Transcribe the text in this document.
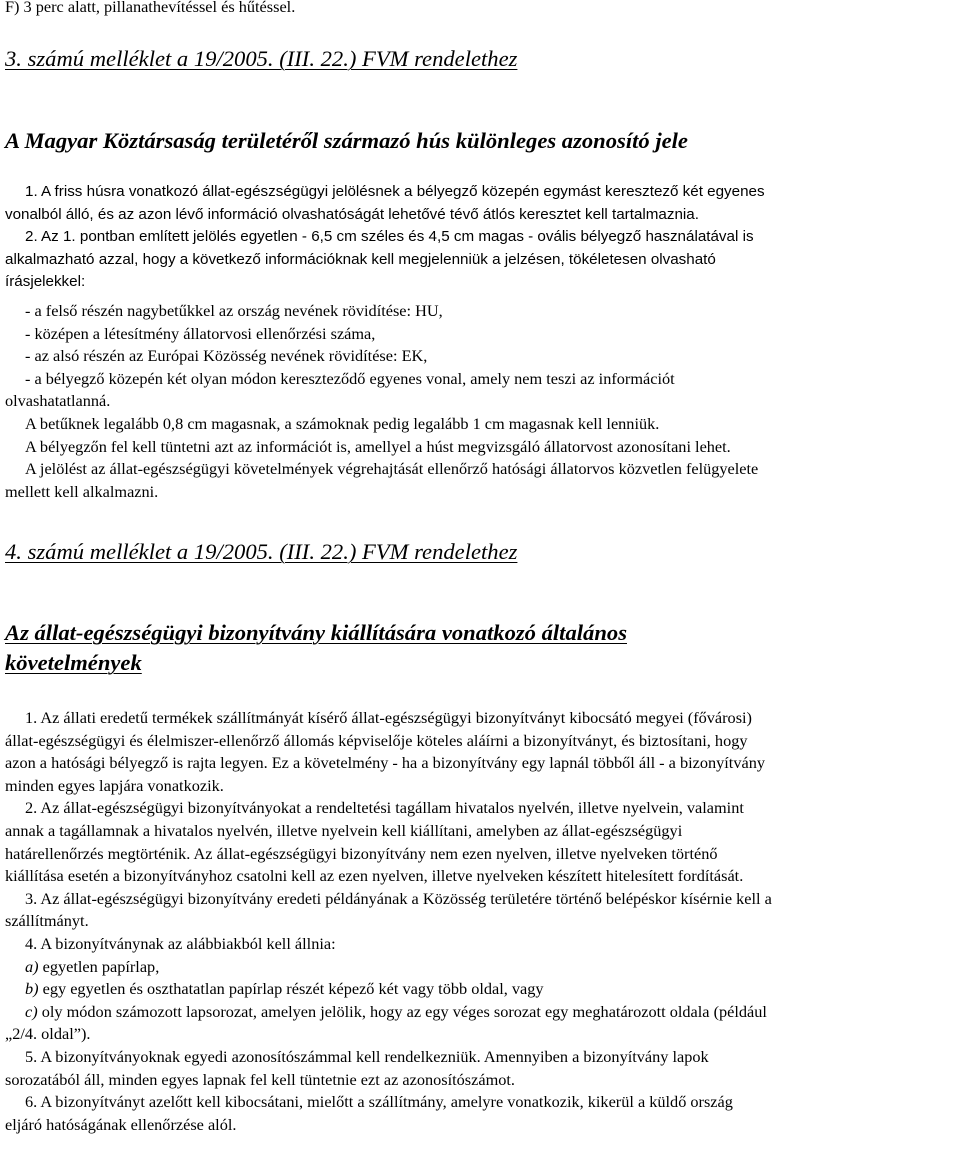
F) 3 perc alatt, pillanathevítéssel és hűtéssel.
3. számú melléklet a 19/2005. (III. 22.) FVM rendelethez
A Magyar Köztársaság területéről származó hús különleges azonosító jele
1. A friss húsra vonatkozó állat-egészségügyi jelölésnek a bélyegző közepén egymást keresztező két egyenes
vonalból álló, és az azon lévő információ olvashatóságát lehetővé tévő átlós keresztet kell tartalmaznia.
2. Az 1. pontban említett jelölés egyetlen - 6,5 cm széles és 4,5 cm magas - ovális bélyegző használatával is
alkalmazható azzal, hogy a következő információknak kell megjelenniük a jelzésen, tökéletesen olvasható
írásjelekkel:
- a felső részén nagybetűkkel az ország nevének rövidítése: HU,
- középen a létesítmény állatorvosi ellenőrzési száma,
- az alsó részén az Európai Közösség nevének rövidítése: EK,
- a bélyegző közepén két olyan módon kereszteződő egyenes vonal, amely nem teszi az információt
olvashatatlanná.
A betűknek legalább 0,8 cm magasnak, a számoknak pedig legalább 1 cm magasnak kell lenniük.
A bélyegzőn fel kell tüntetni azt az információt is, amellyel a húst megvizsgáló állatorvost azonosítani lehet.
A jelölést az állat-egészségügyi követelmények végrehajtását ellenőrző hatósági állatorvos közvetlen felügyelete
mellett kell alkalmazni.
4. számú melléklet a 19/2005. (III. 22.) FVM rendelethez
Az állat-egészségügyi bizonyítvány kiállítására vonatkozó általános
követelmények
1. Az állati eredetű termékek szállítmányát kísérő állat-egészségügyi bizonyítványt kibocsátó megyei (fővárosi)
állat-egészségügyi és élelmiszer-ellenőrző állomás képviselője köteles aláírni a bizonyítványt, és biztosítani, hogy
azon a hatósági bélyegző is rajta legyen. Ez a követelmény - ha a bizonyítvány egy lapnál többől áll - a bizonyítvány
minden egyes lapjára vonatkozik.
2. Az állat-egészségügyi bizonyítványokat a rendeltetési tagállam hivatalos nyelvén, illetve nyelvein, valamint
annak a tagállamnak a hivatalos nyelvén, illetve nyelvein kell kiállítani, amelyben az állat-egészségügyi
határellenőrzés megtörténik. Az állat-egészségügyi bizonyítvány nem ezen nyelven, illetve nyelveken történő
kiállítása esetén a bizonyítványhoz csatolni kell az ezen nyelven, illetve nyelveken készített hitelesített fordítását.
3. Az állat-egészségügyi bizonyítvány eredeti példányának a Közösség területére történő belépéskor kísérnie kell a
szállítmányt.
4. A bizonyítványnak az alábbiakból kell állnia:
a) egyetlen papírlap,
b) egy egyetlen és oszthatatlan papírlap részét képező két vagy több oldal, vagy
c) oly módon számozott lapsorozat, amelyen jelölik, hogy az egy véges sorozat egy meghatározott oldala (például
„2/4. oldal”).
5. A bizonyítványoknak egyedi azonosítószámmal kell rendelkezniük. Amennyiben a bizonyítvány lapok
sorozatából áll, minden egyes lapnak fel kell tüntetnie ezt az azonosítószámot.
6. A bizonyítványt azelőtt kell kibocsátani, mielőtt a szállítmány, amelyre vonatkozik, kikerül a küldő ország
eljáró hatóságának ellenőrzése alól.
